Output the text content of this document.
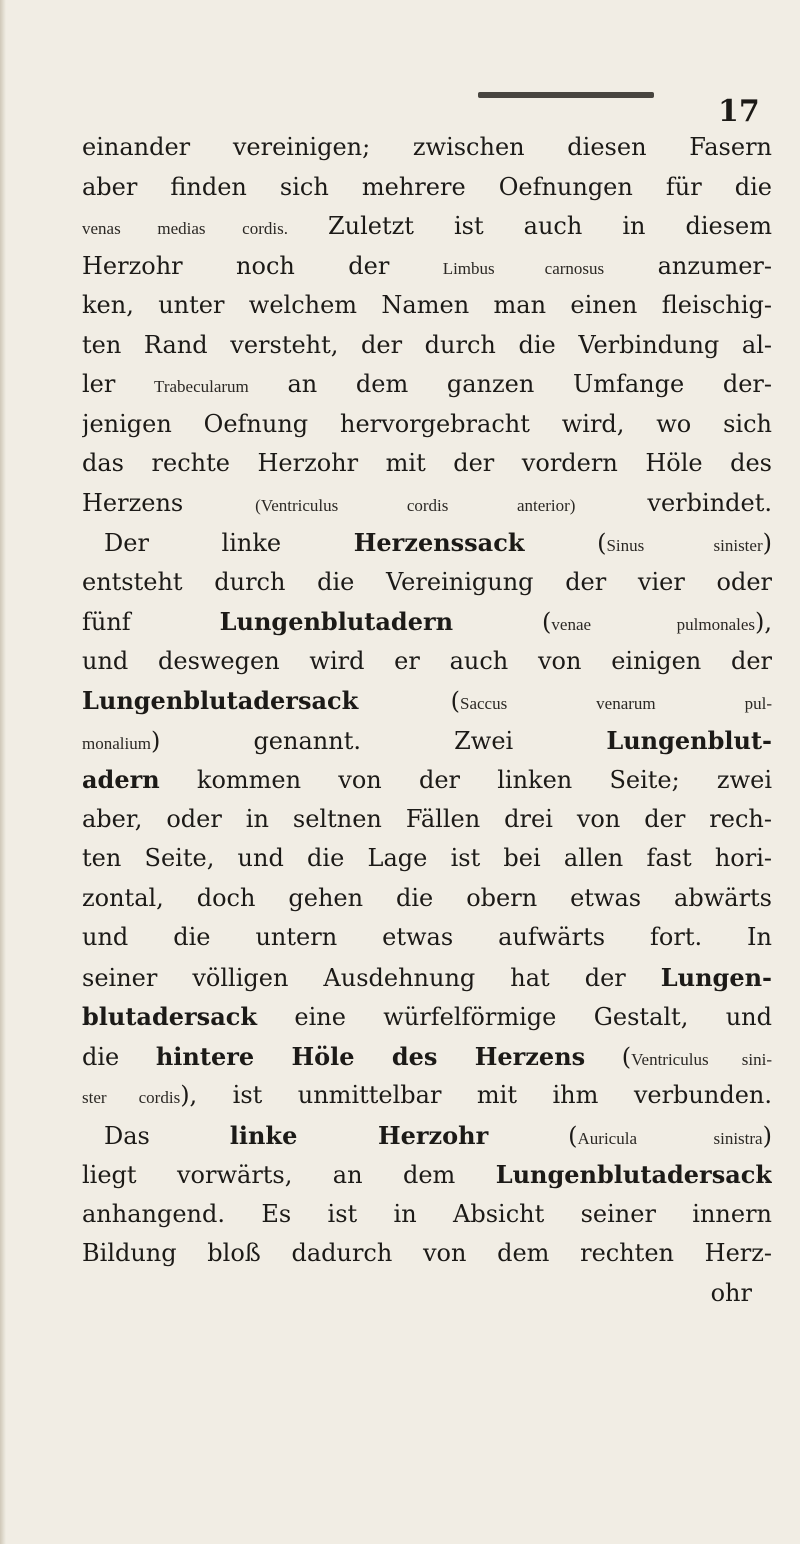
17
einander vereinigen; zwischen diesen Fasern
aber finden sich mehrere Oefnungen für die
venas medias cordis. Zuletzt ist auch in diesem
Herzohr noch der Limbus carnosus anzumer-
ken, unter welchem Namen man einen fleischig-
ten Rand versteht, der durch die Verbindung al-
ler Trabecularum an dem ganzen Umfange der-
jenigen Oefnung hervorgebracht wird, wo sich
das rechte Herzohr mit der vordern Höle des
Herzens (Ventriculus cordis anterior) verbindet.
Der linke Herzenssack (Sinus sinister)
entsteht durch die Vereinigung der vier oder
fünf Lungenblutadern (venae pulmonales),
und deswegen wird er auch von einigen der
Lungenblutadersack (Saccus venarum pul-
monalium) genannt. Zwei Lungenblut-
adern kommen von der linken Seite; zwei
aber, oder in seltnen Fällen drei von der rech-
ten Seite, und die Lage ist bei allen fast hori-
zontal, doch gehen die obern etwas abwärts
und die untern etwas aufwärts fort. In
seiner völligen Ausdehnung hat der Lungen-
blutadersack eine würfelförmige Gestalt, und
die hintere Höle des Herzens (Ventriculus sini-
ster cordis), ist unmittelbar mit ihm verbunden.
Das linke Herzohr (Auricula sinistra)
liegt vorwärts, an dem Lungenblutadersack
anhangend. Es ist in Absicht seiner innern
Bildung bloß dadurch von dem rechten Herz-
ohr
